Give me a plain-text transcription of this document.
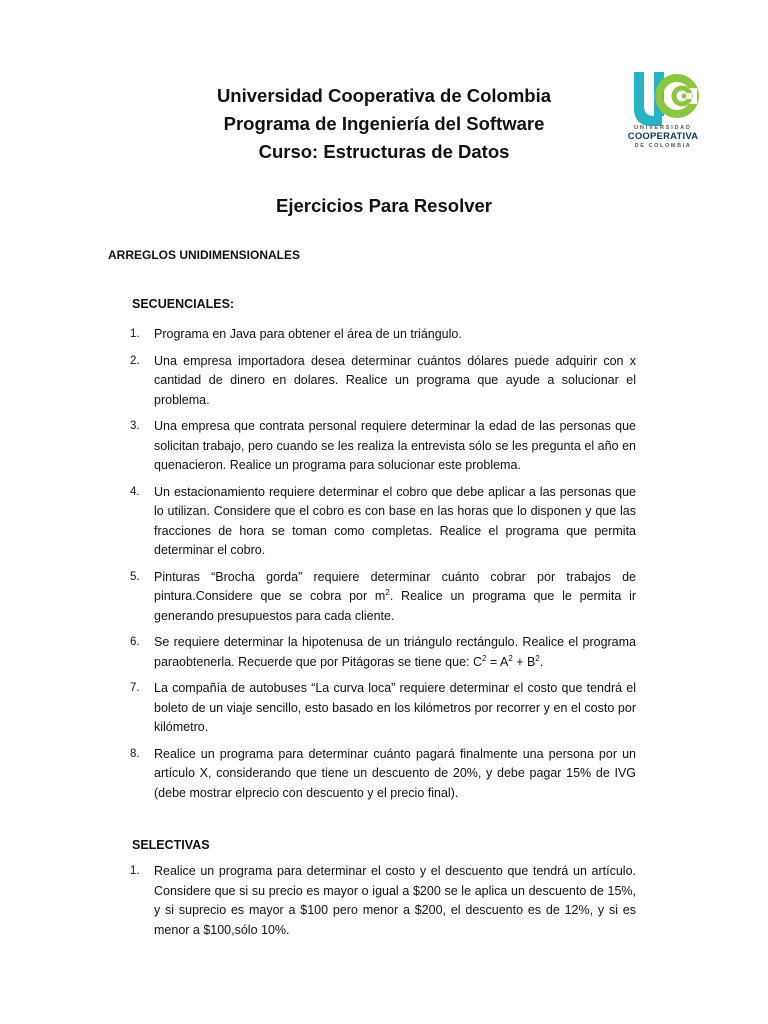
Universidad Cooperativa de Colombia
Programa de Ingeniería del Software
Curso: Estructuras de Datos
Ejercicios Para Resolver
UNIVERSIDAD
COOPERATIVA
DE COLOMBIA
ARREGLOS UNIDIMENSIONALES
SECUENCIALES:
1. Programa en Java para obtener el área de un triángulo.
2. Una empresa importadora desea determinar cuántos dólares puede adquirir con x cantidad de dinero en dolares. Realice un programa que ayude a solucionar el problema.
3. Una empresa que contrata personal requiere determinar la edad de las personas que solicitan trabajo, pero cuando se les realiza la entrevista sólo se les pregunta el año en quenacieron. Realice un programa para solucionar este problema.
4. Un estacionamiento requiere determinar el cobro que debe aplicar a las personas que lo utilizan. Considere que el cobro es con base en las horas que lo disponen y que las fracciones de hora se toman como completas. Realice el programa que permita determinar el cobro.
5. Pinturas “Brocha gorda” requiere determinar cuánto cobrar por trabajos de pintura.Considere que se cobra por $m^2$. Realice un programa que le permita ir generando presupuestos para cada cliente.
6. Se requiere determinar la hipotenusa de un triángulo rectángulo. Realice el programa paraobtenerla. Recuerde que por Pitágoras se tiene que: $C^2 = A^2 + B^2$.
7. La compañía de autobuses “La curva loca” requiere determinar el costo que tendrá el boleto de un viaje sencillo, esto basado en los kilómetros por recorrer y en el costo por kilómetro.
8. Realice un programa para determinar cuánto pagará finalmente una persona por un artículo X, considerando que tiene un descuento de 20%, y debe pagar 15% de IVG (debe mostrar elprecio con descuento y el precio final).
SELECTIVAS
1. Realice un programa para determinar el costo y el descuento que tendrá un artículo. Considere que si su precio es mayor o igual a $200 se le aplica un descuento de 15%, y si suprecio es mayor a $100 pero menor a $200, el descuento es de 12%, y si es menor a $100,sólo 10%.
